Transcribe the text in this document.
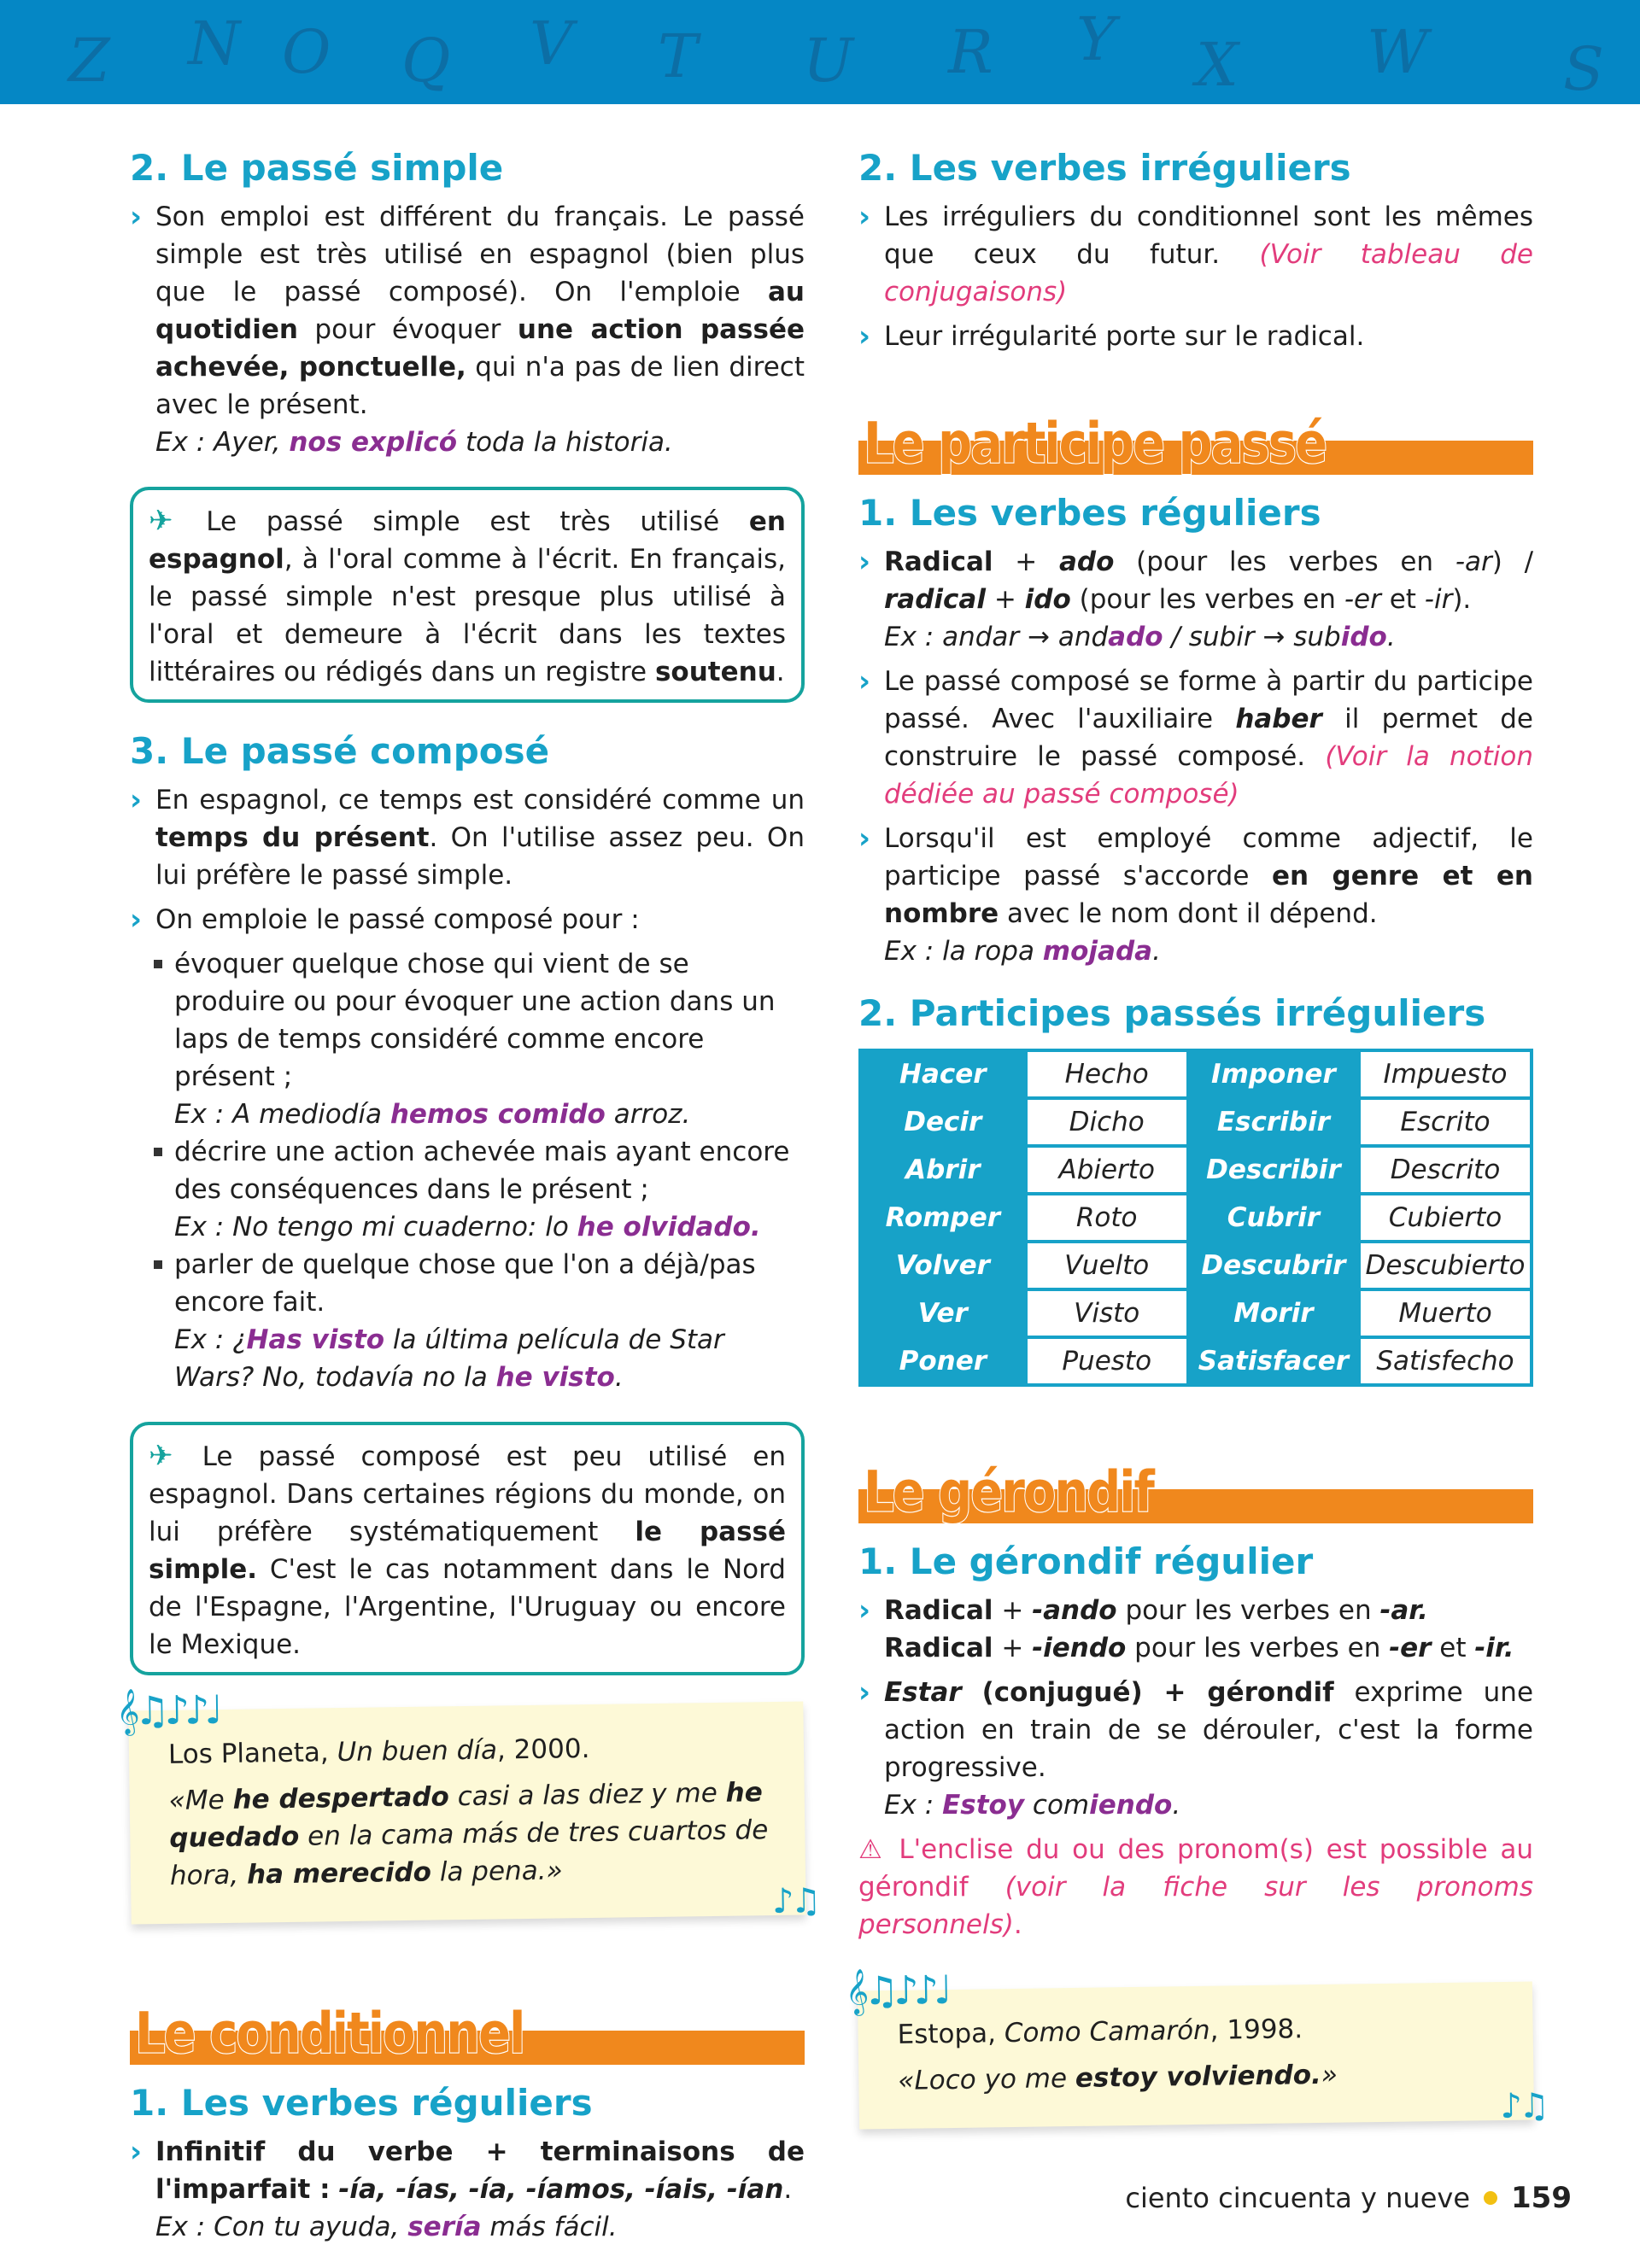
Z N O Q V T U R Y X W S
2. Le passé simple
› Son emploi est différent du français. Le passé simple est très utilisé en espagnol (bien plus que le passé composé). On l'emploie au quotidien pour évoquer une action passée achevée, ponctuelle, qui n'a pas de lien direct avec le présent.
Ex : Ayer, nos explicó toda la historia.
✈ Le passé simple est très utilisé en espagnol, à l'oral comme à l'écrit. En français, le passé simple n'est presque plus utilisé à l'oral et demeure à l'écrit dans les textes littéraires ou rédigés dans un registre soutenu.
3. Le passé composé
› En espagnol, ce temps est considéré comme un temps du présent. On l'utilise assez peu. On lui préfère le passé simple.
› On emploie le passé composé pour :
évoquer quelque chose qui vient de se produire ou pour évoquer une action dans un laps de temps considéré comme encore présent ;
Ex : A mediodía hemos comido arroz.
décrire une action achevée mais ayant encore des conséquences dans le présent ;
Ex : No tengo mi cuaderno: lo he olvidado.
parler de quelque chose que l'on a déjà/pas encore fait.
Ex : ¿Has visto la última película de Star Wars? No, todavía no la he visto.
✈ Le passé composé est peu utilisé en espagnol. Dans certaines régions du monde, on lui préfère systématiquement le passé simple. C'est le cas notamment dans le Nord de l'Espagne, l'Argentine, l'Uruguay ou encore le Mexique.
𝄞♫♪♪♩
Los Planeta, Un buen día, 2000.
«Me he despertado casi a las diez y me he quedado en la cama más de tres cuartos de hora, ha merecido la pena.»
♪♫
Le conditionnel
1. Les verbes réguliers
› Infinitif du verbe + terminaisons de l'imparfait : -ía, -ías, -ía, -íamos, -íais, -ían.
Ex : Con tu ayuda, sería más fácil.
2. Les verbes irréguliers
› Les irréguliers du conditionnel sont les mêmes que ceux du futur. (Voir tableau de conjugaisons)
› Leur irrégularité porte sur le radical.
Le participe passé
1. Les verbes réguliers
› Radical + ado (pour les verbes en -ar) / radical + ido (pour les verbes en -er et -ir).
Ex : andar → andado / subir → subido.
› Le passé composé se forme à partir du participe passé. Avec l'auxiliaire haber il permet de construire le passé composé. (Voir la notion dédiée au passé composé)
› Lorsqu'il est employé comme adjectif, le participe passé s'accorde en genre et en nombre avec le nom dont il dépend.
Ex : la ropa mojada.
2. Participes passés irréguliers
Hacer	Hecho	Imponer	Impuesto
Decir	Dicho	Escribir	Escrito
Abrir	Abierto	Describir	Descrito
Romper	Roto	Cubrir	Cubierto
Volver	Vuelto	Descubrir	Descubierto
Ver	Visto	Morir	Muerto
Poner	Puesto	Satisfacer	Satisfecho
Le gérondif
1. Le gérondif régulier
› Radical + -ando pour les verbes en -ar.
Radical + -iendo pour les verbes en -er et -ir.
› Estar (conjugué) + gérondif exprime une action en train de se dérouler, c'est la forme progressive.
Ex : Estoy comiendo.
⚠ L'enclise du ou des pronom(s) est possible au gérondif (voir la fiche sur les pronoms personnels).
𝄞♫♪♪♩
Estopa, Como Camarón, 1998.
«Loco yo me estoy volviendo.»
♪♫
ciento cincuenta y nueve 159
